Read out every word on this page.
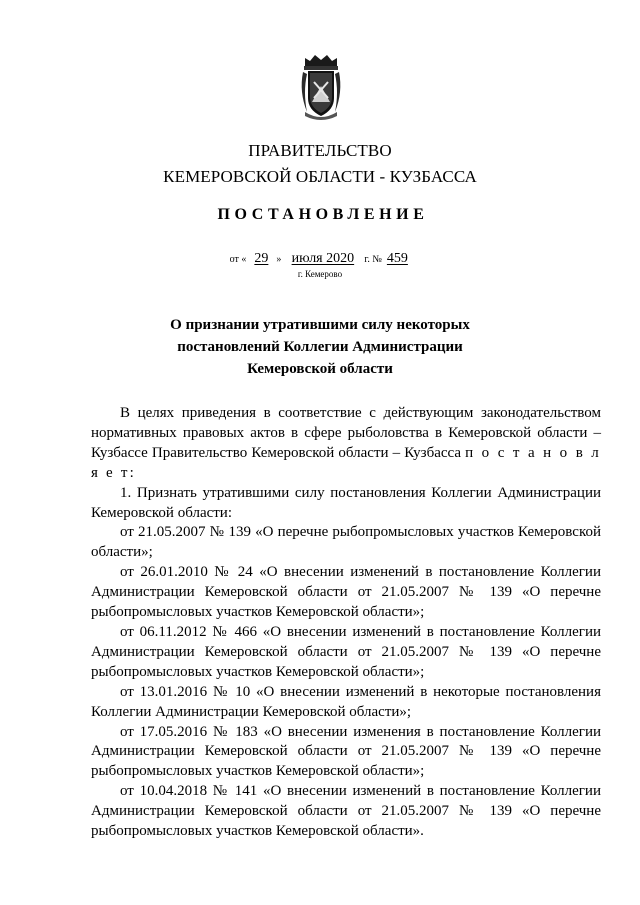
ПРАВИТЕЛЬСТВО
КЕМЕРОВСКОЙ ОБЛАСТИ - КУЗБАССА
ПОСТАНОВЛЕНИЕ
от « 29 » июля 2020 г. № 459
г. Кемерово
О признании утратившими силу некоторых
постановлений Коллегии Администрации
Кемеровской области

В целях приведения в соответствие с действующим законодательством нормативных правовых актов в сфере рыболовства в Кемеровской области – Кузбассе Правительство Кемеровской области – Кузбасса п о с т а н о в л я е т:

1. Признать утратившими силу постановления Коллегии Администрации Кемеровской области:

от 21.05.2007 № 139 «О перечне рыбопромысловых участков Кемеровской области»;

от 26.01.2010 № 24 «О внесении изменений в постановление Коллегии Администрации Кемеровской области от 21.05.2007 № 139 «О перечне рыбопромысловых участков Кемеровской области»;

от 06.11.2012 № 466 «О внесении изменений в постановление Коллегии Администрации Кемеровской области от 21.05.2007 № 139 «О перечне рыбопромысловых участков Кемеровской области»;

от 13.01.2016 № 10 «О внесении изменений в некоторые постановления Коллегии Администрации Кемеровской области»;

от 17.05.2016 № 183 «О внесении изменения в постановление Коллегии Администрации Кемеровской области от 21.05.2007 № 139 «О перечне рыбопромысловых участков Кемеровской области»;

от 10.04.2018 № 141 «О внесении изменений в постановление Коллегии Администрации Кемеровской области от 21.05.2007 № 139 «О перечне рыбопромысловых участков Кемеровской области».
